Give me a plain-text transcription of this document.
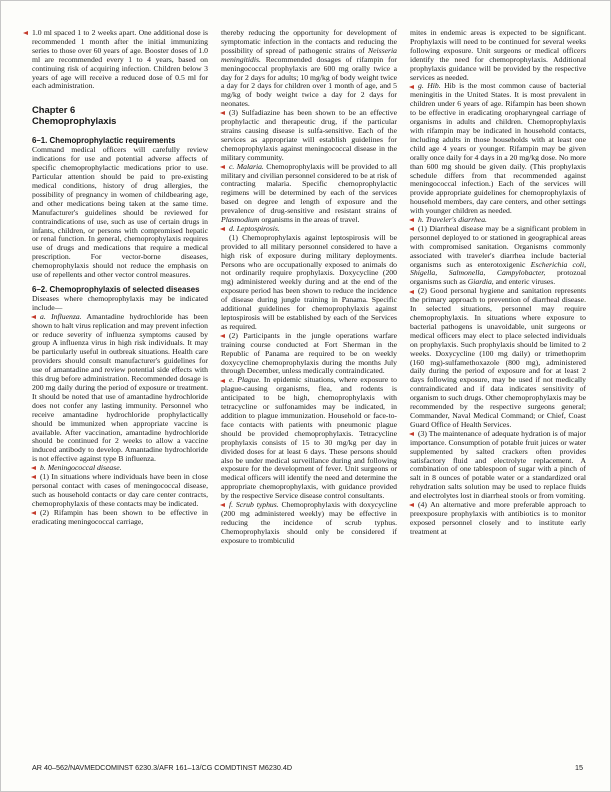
1.0 ml spaced 1 to 2 weeks apart. One additional dose is recommended 1 month after the initial immunizing series to those over 60 years of age. Booster doses of 1.0 ml are recommended every 1 to 4 years, based on continuing risk of acquiring infection. Children below 3 years of age will receive a reduced dose of 0.5 ml for each administration.

Chapter 6
Chemoprophylaxis
6–1. Chemoprophylactic requirements

Command medical officers will carefully review indications for use and potential adverse affects of specific chemoprophylactic medications prior to use. Particular attention should be paid to pre-existing medical conditions, history of drug allergies, the possibility of pregnancy in women of childbearing age, and other medications being taken at the same time. Manufacturer's guidelines should be reviewed for contraindications of use, such as use of certain drugs in infants, children, or persons with compromised hepatic or renal function. In general, chemoprophylaxis requires use of drugs and medications that require a medical prescription. For vector-borne diseases, chemoprophylaxis should not reduce the emphasis on use of repellents and other vector control measures.

6–2. Chemoprophylaxis of selected diseases

Diseases where chemoprophylaxis may be indicated include—

a. Influenza. Amantadine hydrochloride has been shown to halt virus replication and may prevent infection or reduce severity of influenza symptoms caused by group A influenza virus in high risk individuals. It may be particularly useful in outbreak situations. Health care providers should consult manufacturer's guidelines for use of amantadine and review potential side effects with this drug before administration. Recommended dosage is 200 mg daily during the period of exposure or treatment. It should be noted that use of amantadine hydrochloride does not confer any lasting immunity. Personnel who receive amantadine hydrochloride prophylactically should be immunized when appropriate vaccine is available. After vaccination, amantadine hydrochloride should be continued for 2 weeks to allow a vaccine induced antibody to develop. Amantadine hydrochloride is not effective against type B influenza.

b. Meningococcal disease.

(1) In situations where individuals have been in close personal contact with cases of meningococcal disease, such as household contacts or day care center contracts, chemoprophylaxis of these contacts may be indicated.

(2) Rifampin has been shown to be effective in eradicating meningococcal carriage,

thereby reducing the opportunity for development of symptomatic infection in the contacts and reducing the possibility of spread of pathogenic strains of Neisseria meningitidis. Recommended dosages of rifampin for meningococcal prophylaxis are 600 mg orally twice a day for 2 days for adults; 10 mg/kg of body weight twice a day for 2 days for children over 1 month of age, and 5 mg/kg of body weight twice a day for 2 days for neonates.

(3) Sulfadiazine has been shown to be an effective prophylactic and therapeutic drug, if the particular strains causing disease is sulfa-sensitive. Each of the services as appropriate will establish guidelines for chemoprophylaxis against meningococcal disease in the military community.

c. Malaria. Chemoprophylaxis will be provided to all military and civilian personnel considered to be at risk of contracting malaria. Specific chemoprophylactic regimens will be determined by each of the services based on degree and length of exposure and the prevalence of drug-sensitive and resistant strains of Plasmodium organisms in the areas of travel.

d. Leptospirosis.

(1) Chemoprophylaxis against leptospirosis will be provided to all military personnel considered to have a high risk of exposure during military deployments. Persons who are occupationally exposed to animals do not ordinarily require prophylaxis. Doxycycline (200 mg) administered weekly during and at the end of the exposure period has been shown to reduce the incidence of disease during jungle training in Panama. Specific additional guidelines for chemoprophylaxis against leptospirosis will be established by each of the Services as required.

(2) Participants in the jungle operations warfare training course conducted at Fort Sherman in the Republic of Panama are required to be on weekly doxycycline chemoprophylaxis during the months July through December, unless medically contraindicated.

e. Plague. In epidemic situations, where exposure to plague-causing organisms, flea, and rodents is anticipated to be high, chemoprophylaxis with tetracycline or sulfonamides may be indicated, in addition to plague immunization. Household or face-to-face contacts with patients with pneumonic plague should be provided chemoprophylaxis. Tetracycline prophylaxis consists of 15 to 30 mg/kg per day in divided doses for at least 6 days. These persons should also be under medical surveillance during and following exposure for the development of fever. Unit surgeons or medical officers will identify the need and determine the appropriate chemoprophylaxis, with guidance provided by the respective Service disease control consultants.

f. Scrub typhus. Chemoprophylaxis with doxycycline (200 mg administered weekly) may be effective in reducing the incidence of scrub typhus. Chemoprophylaxis should only be considered if exposure to trombiculid

mites in endemic areas is expected to be significant. Prophylaxis will need to be continued for several weeks following exposure. Unit surgeons or medical officers identify the need for chemoprophylaxis. Additional prophylaxis guidance will be provided by the respective services as needed.

g. Hib. Hib is the most common cause of bacterial meningitis in the United States. It is most prevalent in children under 6 years of age. Rifampin has been shown to be effective in eradicating oropharyngeal carriage of organisms in adults and children. Chemoprophylaxis with rifampin may be indicated in household contacts, including adults in those households with at least one child age 4 years or younger. Rifampin may be given orally once daily for 4 days in a 20 mg/kg dose. No more than 600 mg should be given daily. (This prophylaxis schedule differs from that recommended against meningococcal infection.) Each of the services will provide appropriate guidelines for chemoprophylaxis of household members, day care centers, and other settings with younger children as needed.

h. Traveler's diarrhea.

(1) Diarrheal disease may be a significant problem in personnel deployed to or stationed in geographical areas with compromised sanitation. Organisms commonly associated with traveler's diarrhea include bacterial organisms such as enterotoxigenic Escherichia coli, Shigella, Salmonella, Campylobacter, protozoal organisms such as Giardia, and enteric viruses.

(2) Good personal hygiene and sanitation represents the primary approach to prevention of diarrheal disease. In selected situations, personnel may require chemoprophylaxis. In situations where exposure to bacterial pathogens is unavoidable, unit surgeons or medical officers may elect to place selected individuals on prophylaxis. Such prophylaxis should be limited to 2 weeks. Doxycycline (100 mg daily) or trimethoprim (160 mg)-sulfamethoxazole (800 mg), administered daily during the period of exposure and for at least 2 days following exposure, may be used if not medically contraindicated and if data indicates sensitivity of organism to such drugs. Other chemoprophylaxis may be recommended by the respective surgeons general; Commander, Naval Medical Command; or Chief, Coast Guard Office of Health Services.

(3) The maintenance of adequate hydration is of major importance. Consumption of potable fruit juices or water supplemented by salted crackers often provides satisfactory fluid and electrolyte replacement. A combination of one tablespoon of sugar with a pinch of salt in 8 ounces of potable water or a standardized oral rehydration salts solution may be used to replace fluids and electrolytes lost in diarrheal stools or from vomiting.

(4) An alternative and more preferable approach to preexposure prophylaxis with antibiotics is to monitor exposed personnel closely and to institute early treatment at

AR 40–562/NAVMEDCOMINST 6230.3/AFR 161–13/CG COMDTINST M6230.4D	15
